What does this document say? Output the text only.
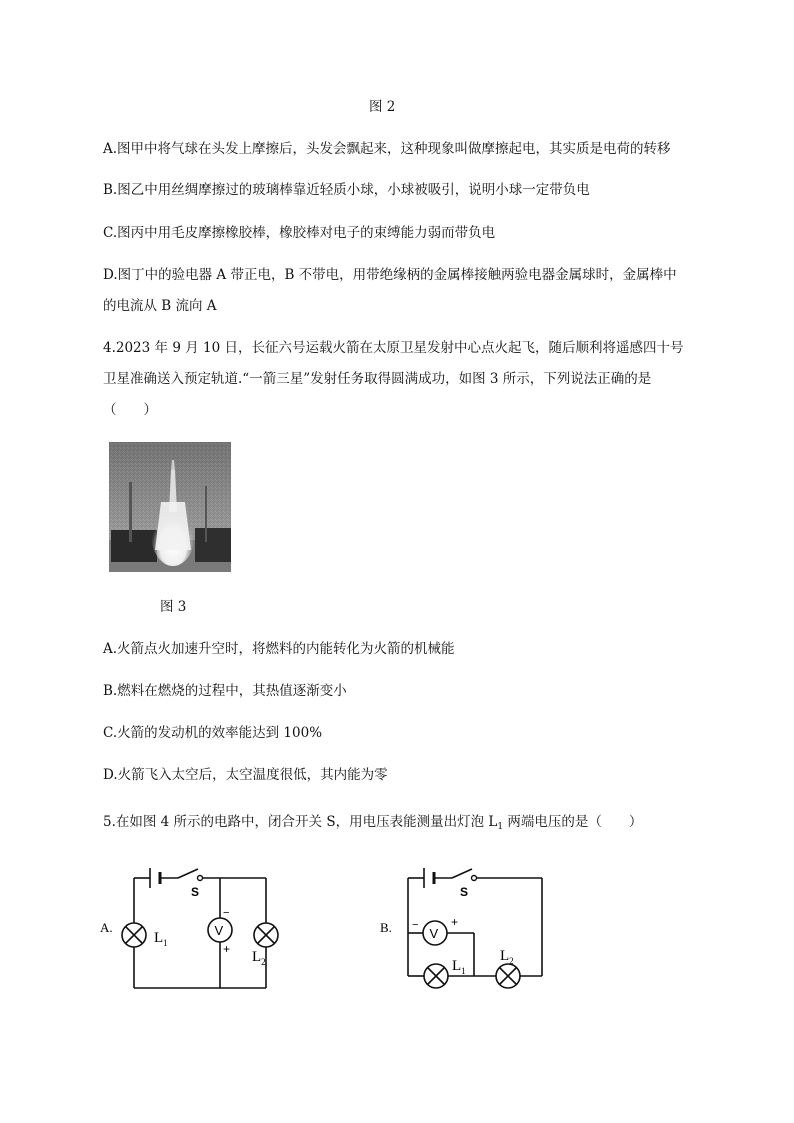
图 2
A.图甲中将气球在头发上摩擦后，头发会飘起来，这种现象叫做摩擦起电，其实质是电荷的转移
B.图乙中用丝绸摩擦过的玻璃棒靠近轻质小球，小球被吸引，说明小球一定带负电
C.图丙中用毛皮摩擦橡胶棒，橡胶棒对电子的束缚能力弱而带负电
D.图丁中的验电器 A 带正电，B 不带电，用带绝缘柄的金属棒接触两验电器金属球时，金属棒中
的电流从 B 流向 A
4.2023 年 9 月 10 日，长征六号运载火箭在太原卫星发射中心点火起飞，随后顺利将遥感四十号
卫星准确送入预定轨道.“一箭三星”发射任务取得圆满成功，如图 3 所示，下列说法正确的是
（　　）
图 3
A.火箭点火加速升空时，将燃料的内能转化为火箭的机械能
B.燃料在燃烧的过程中，其热值逐渐变小
C.火箭的发动机的效率能达到 100%
D.火箭飞入太空后，太空温度很低，其内能为零
5.在如图 4 所示的电路中，闭合开关 S，用电压表能测量出灯泡 $L_1$ 两端电压的是（　　）
A.
S
$L_1$
V
−
+ $L_2$
B.
S
−
V
+
$L_1$
$L_2$
